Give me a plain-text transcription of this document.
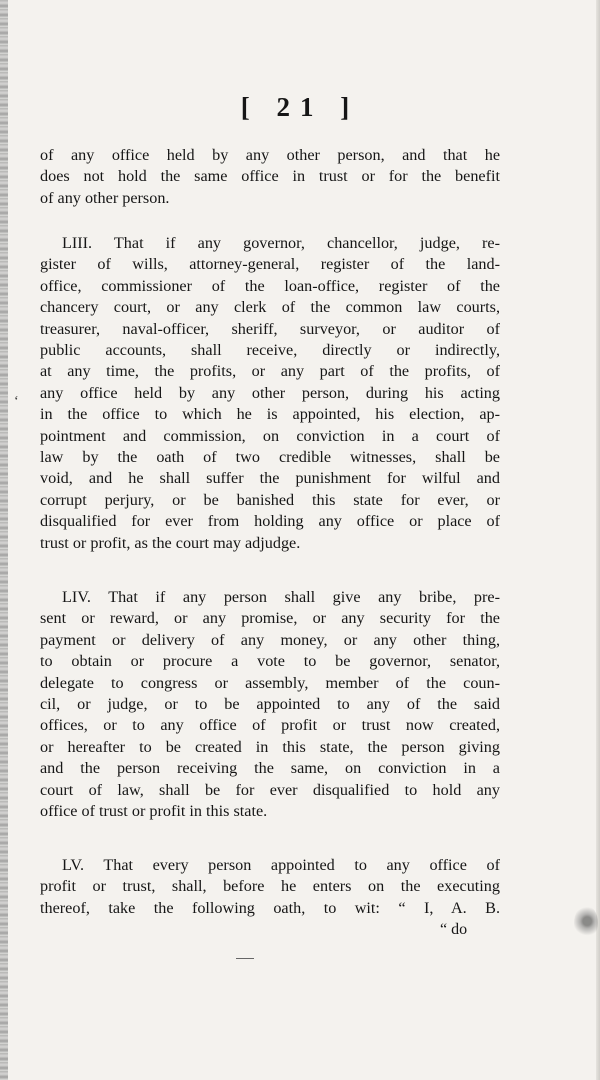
[ 21 ]
of any office held by any other person, and that he
does not hold the same office in trust or for the benefit
of any other person.
LIII. That if any governor, chancellor, judge, re-
gister of wills, attorney-general, register of the land-
office, commissioner of the loan-office, register of the
chancery court, or any clerk of the common law courts,
treasurer, naval-officer, sheriff, surveyor, or auditor of
public accounts, shall receive, directly or indirectly,
at any time, the profits, or any part of the profits, of
any office held by any other person, during his acting
in the office to which he is appointed, his election, ap-
pointment and commission, on conviction in a court of
law by the oath of two credible witnesses, shall be
void, and he shall suffer the punishment for wilful and
corrupt perjury, or be banished this state for ever, or
disqualified for ever from holding any office or place of
trust or profit, as the court may adjudge.
‘
LIV. That if any person shall give any bribe, pre-
sent or reward, or any promise, or any security for the
payment or delivery of any money, or any other thing,
to obtain or procure a vote to be governor, senator,
delegate to congress or assembly, member of the coun-
cil, or judge, or to be appointed to any of the said
offices, or to any office of profit or trust now created,
or hereafter to be created in this state, the person giving
and the person receiving the same, on conviction in a
court of law, shall be for ever disqualified to hold any
office of trust or profit in this state.
LV. That every person appointed to any office of
profit or trust, shall, before he enters on the executing
thereof, take the following oath, to wit: “ I, A. B.
“ do
